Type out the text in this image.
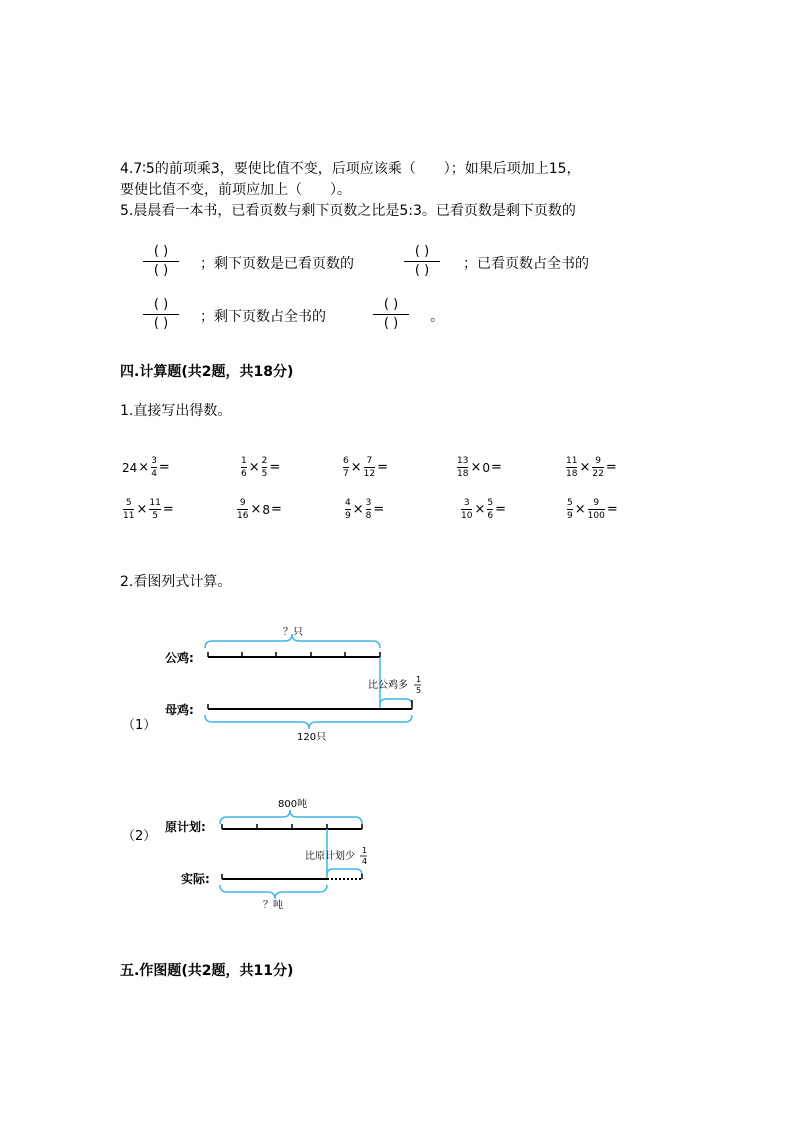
4.7∶5的前项乘3，要使比值不变，后项应该乘（　　）；如果后项加上15，
要使比值不变，前项应加上（　　）。
5.晨晨看一本书，已看页数与剩下页数之比是5:3。已看页数是剩下页数的
( )
( )	；剩下页数是已看页数的
( )
( )	；已看页数占全书的
( )
( )	；剩下页数占全书的
( )
( )	。
四.计算题(共2题，共18分)
1.直接写出得数。
$24 \times \frac{3}{4}$ =	$\frac{1}{6} \times \frac{2}{5}$ =	$\frac{6}{7} \times \frac{7}{12}$ =	$\frac{13}{18} \times 0$ =	$\frac{11}{18} \times \frac{9}{22}$ =
$\frac{5}{11} \times \frac{11}{5}$ =	$\frac{9}{16} \times 8$ =	$\frac{4}{9} \times \frac{3}{8}$ =	$\frac{3}{10} \times \frac{5}{6}$ =	$\frac{5}{9} \times \frac{9}{100}$ =
2.看图列式计算。
？只
公鸡:
比公鸡多
1
5
母鸡:
120只
（1）
800吨
原计划:
比原计划少
1
4
实际:
？吨
（2）
五.作图题(共2题，共11分)
